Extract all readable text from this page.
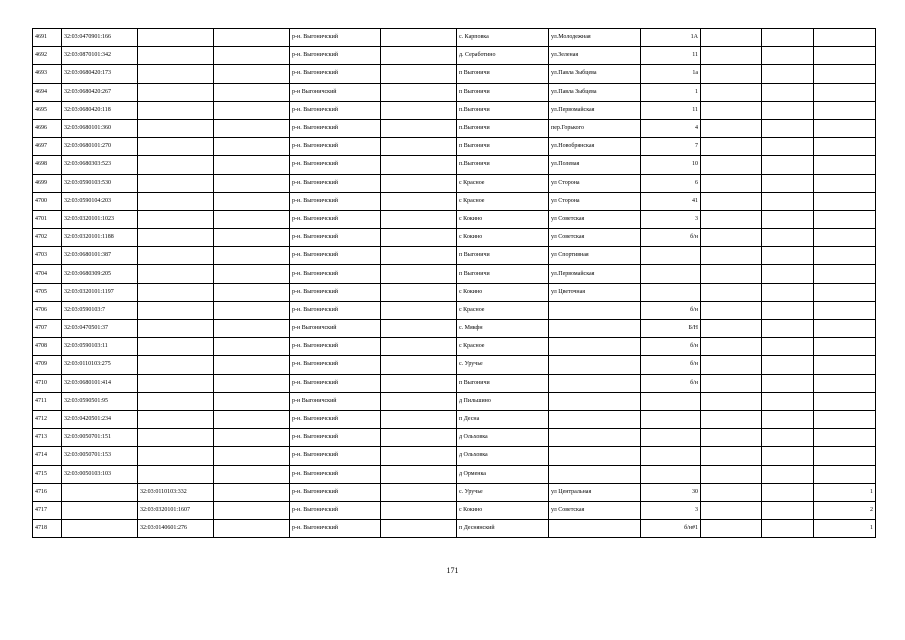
4691	32:03:0470901:166			р-н. Выгоничский		с. Карповка	ул.Молодежная	1А			
4692	32:03:0870101:342			р-н. Выгоничский		д. Сеработино	ул.Зеленая	11			
4693	32:03:0680420:173			р-н. Выгоничский		п Выгоничи	ул.Павла Зыбцева	1а			
4694	32:03:0680420:267			р-н Выгоничский		п Выгоничи	ул.Павла Зыбцева	1			
4695	32:03:0680420:118			р-н. Выгоничский		п.Выгоничи	ул.Первомайская	11			
4696	32:03:0680101:360			р-н. Выгоничский		п.Выгоничи	пер.Горького	4			
4697	32:03:0680101:270			р-н. Выгоничский		п Выгоничи	ул.Новобрянская	7			
4698	32:03:0680303:523			р-н. Выгоничский		п.Выгоничи	ул.Полевая	10			
4699	32:03:0590103:530			р-н. Выгоничский		с Красное	ул Сторона	6			
4700	32:03:0590104:203			р-н. Выгоничский		с Красное	ул Сторона	41			
4701	32:03:0320101:1023			р-н. Выгоничский		с Кокино	ул Советская	3			
4702	32:03:0320101:1188			р-н. Выгоничский		с Кокино	ул Советская	б/н			
4703	32:03:0680101:387			р-н. Выгоничский		п Выгоничи	ул Спортивная				
4704	32:03:0680309:205			р-н. Выгоничский		п Выгоничи	ул.Первомайская				
4705	32:03:0320101:1197			р-н. Выгоничский		с Кокино	ул Цветочная				
4706	32:03:0590103:7			р-н. Выгоничский		с Красное		б/н			
4707	32:03:0470501:37			р-н Выгоничский		с. Мякфн		Б/Н			
4708	32:03:0590103:11			р-н. Выгоничский		с Красное		б/н			
4709	32:03:0110103:275			р-н. Выгоничский		с. Уручье		б/н			
4710	32:03:0680101:414			р-н. Выгоничский		п Выгоничи		б/н			
4711	32:03:0590501:95			р-н Выгоничский		д Пильшино					
4712	32:03:0420501:234			р-н. Выгоничский		п Десна					
4713	32:03:0050701:151			р-н. Выгоничский		д Ольховка					
4714	32:03:0050701:153			р-н. Выгоничский		д Ольховка					
4715	32:03:0050103:103			р-н. Выгоничский		д Орменка					
4716		32:03:0110103:332		р-н. Выгоничский		с. Уручье	ул Центральная	30			1
4717		32:03:0320101:1607		р-н. Выгоничский		с Кокино	ул Советская	3			2
4718		32:03:0140601:276		р-н. Выгоничский		п Деснянский		б/н#1			1
171
